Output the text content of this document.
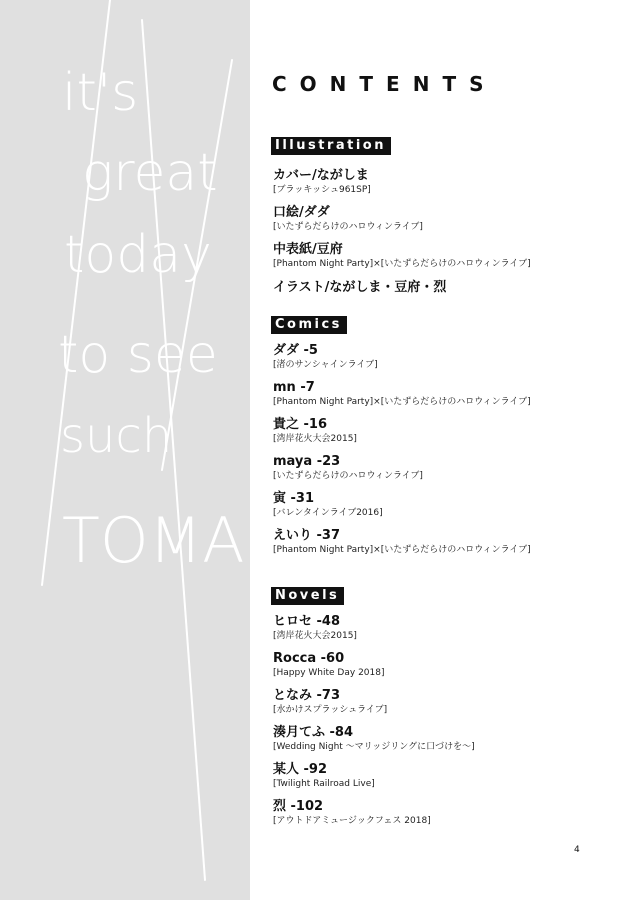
it's
great
today
to see
such
TOMA
CONTENTS
Illustration
カバー/ながしま
[ブラッキッシュ961SP]
口絵/ダダ
[いたずらだらけのハロウィンライブ]
中表紙/豆府
[Phantom Night Party]×[いたずらだらけのハロウィンライブ]
イラスト/ながしま・豆府・烈
Comics
ダダ -5
[渚のサンシャインライブ]
mn -7
[Phantom Night Party]×[いたずらだらけのハロウィンライブ]
貴之 -16
[湾岸花火大会2015]
maya -23
[いたずらだらけのハロウィンライブ]
寅 -31
[バレンタインライブ2016]
えいり -37
[Phantom Night Party]×[いたずらだらけのハロウィンライブ]
Novels
ヒロセ -48
[湾岸花火大会2015]
Rocca -60
[Happy White Day 2018]
となみ -73
[水かけスプラッシュライブ]
湊月てふ -84
[Wedding Night ～マリッジリングに口づけを～]
某人 -92
[Twilight Railroad Live]
烈 -102
[アウトドアミュージックフェス 2018]
4
